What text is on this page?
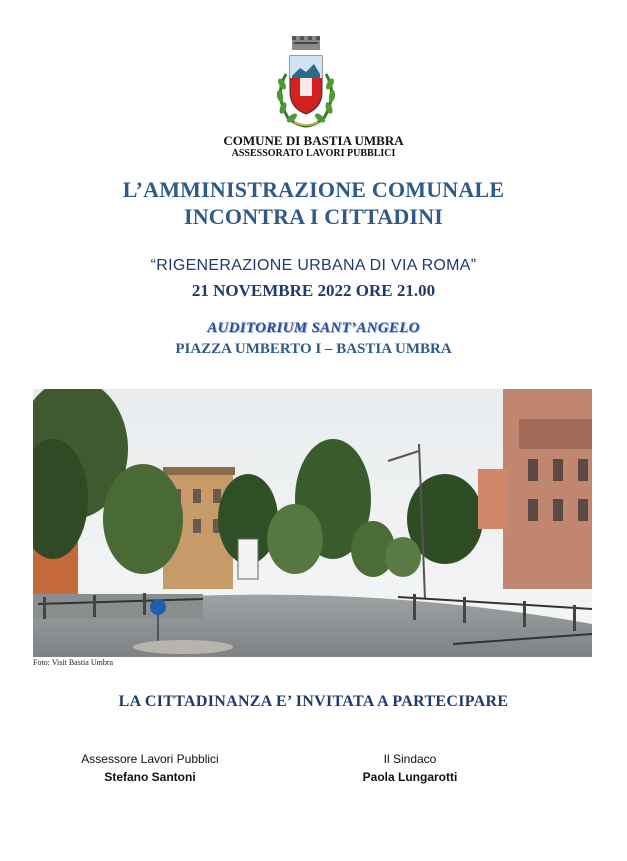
COMUNE DI BASTIA UMBRA
ASSESSORATO LAVORI PUBBLICI
L’AMMINISTRAZIONE COMUNALE
INCONTRA I CITTADINI
“RIGENERAZIONE URBANA DI VIA ROMA”
21 NOVEMBRE 2022 ORE 21.00
AUDITORIUM SANT’ANGELO
PIAZZA UMBERTO I – BASTIA UMBRA
Foto: Visit Bastia Umbra
LA CITTADINANZA E’ INVITATA A PARTECIPARE
Assessore Lavori Pubblici
Stefano Santoni
Il Sindaco
Paola Lungarotti
